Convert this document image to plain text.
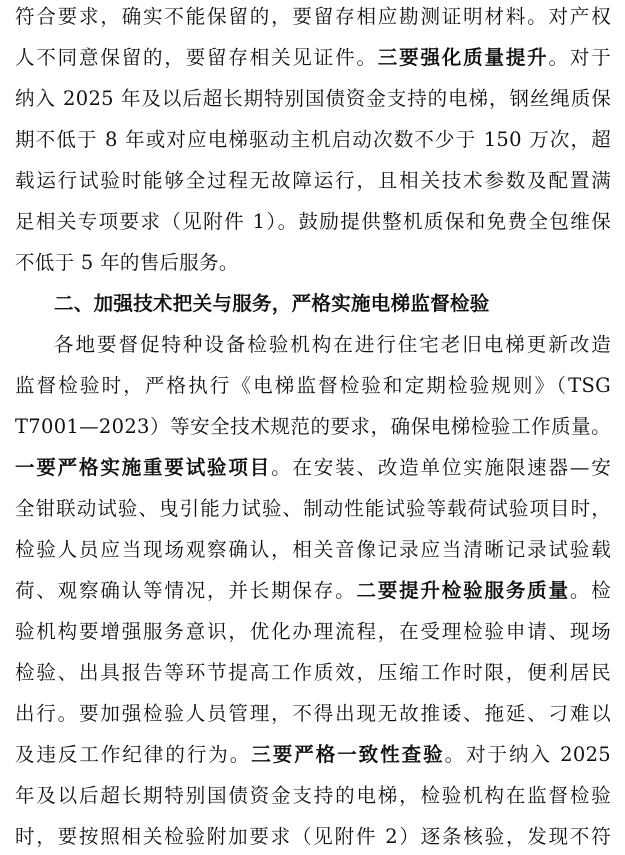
符合要求，确实不能保留的，要留存相应勘测证明材料。对产权
人不同意保留的，要留存相关见证件。三要强化质量提升。对于
纳入 2025 年及以后超长期特别国债资金支持的电梯，钢丝绳质保
期不低于 8 年或对应电梯驱动主机启动次数不少于 150 万次，超
载运行试验时能够全过程无故障运行，且相关技术参数及配置满
足相关专项要求（见附件 1）。鼓励提供整机质保和免费全包维保
不低于 5 年的售后服务。
二、加强技术把关与服务，严格实施电梯监督检验
各地要督促特种设备检验机构在进行住宅老旧电梯更新改造
监督检验时，严格执行《电梯监督检验和定期检验规则》（TSG
T7001—2023）等安全技术规范的要求，确保电梯检验工作质量。
一要严格实施重要试验项目。在安装、改造单位实施限速器—安
全钳联动试验、曳引能力试验、制动性能试验等载荷试验项目时，
检验人员应当现场观察确认，相关音像记录应当清晰记录试验载
荷、观察确认等情况，并长期保存。二要提升检验服务质量。检
验机构要增强服务意识，优化办理流程，在受理检验申请、现场
检验、出具报告等环节提高工作质效，压缩工作时限，便利居民
出行。要加强检验人员管理，不得出现无故推诿、拖延、刁难以
及违反工作纪律的行为。三要严格一致性查验。对于纳入 2025
年及以后超长期特别国债资金支持的电梯，检验机构在监督检验
时，要按照相关检验附加要求（见附件 2）逐条核验，发现不符
